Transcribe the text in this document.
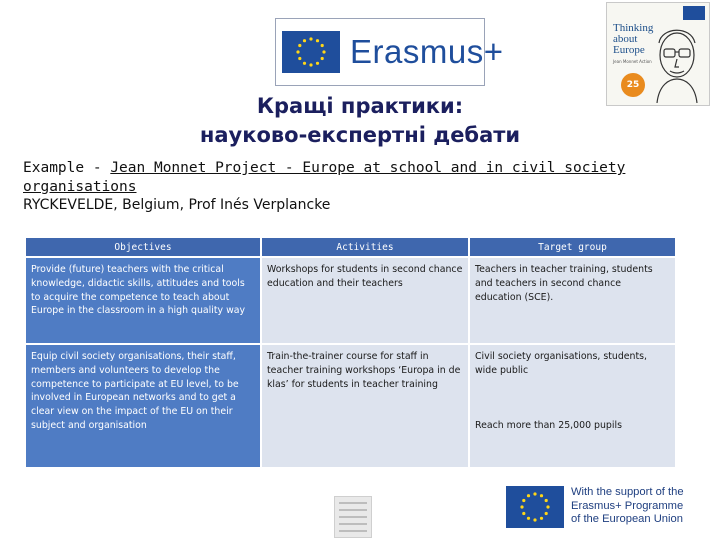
Erasmus+
Thinking about Europe
Jean Monnet Action
25
Кращі практики:
науково-експертні дебати
Example - Jean Monnet Project - Europe at school and in civil society
organisations
RYCKEVELDE, Belgium, Prof Inés Verplancke
Objectives	Activities	Target group
Provide (future) teachers with the critical knowledge, didactic skills, attitudes and tools to acquire the competence to teach about Europe in the classroom in a high quality way	Workshops for students in second chance education and their teachers	Teachers in teacher training, students and teachers in second chance education (SCE).
Equip civil society organisations, their staff, members and volunteers to develop the competence to participate at EU level, to be involved in European networks and to get a clear view on the impact of the EU on their subject and organisation	Train-the-trainer course for staff in teacher training workshops ‘Europa in de klas’ for students in teacher training	Civil society organisations, students, wide public
Reach more than 25,000 pupils
With the support of the
Erasmus+ Programme
of the European Union
